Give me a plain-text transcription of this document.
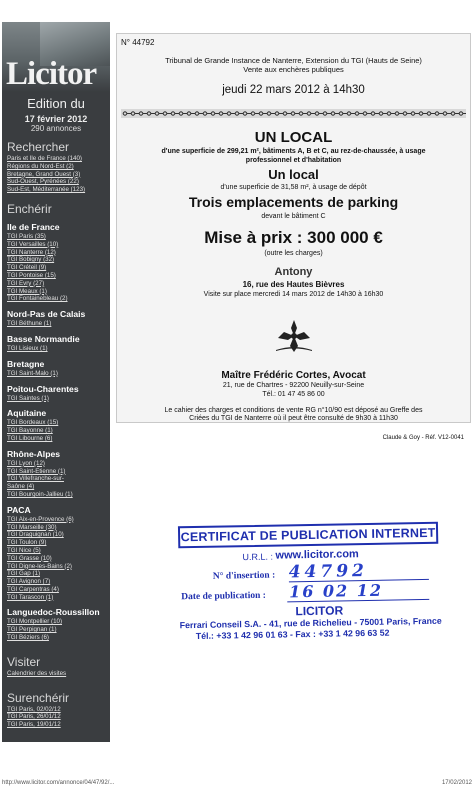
Licitor
Edition du
17 février 2012
290 annonces
Rechercher
Paris et Ile de France (140)
Régions du Nord-Est (2)
Bretagne, Grand Ouest (3)
Sud-Ouest, Pyrénées (22)
Sud-Est, Méditerranée (123)
Enchérir
Ile de France
TGI Paris (35)
TGI Versailles (10)
TGI Nanterre (12)
TGI Bobigny (32)
TGI Créteil (9)
TGI Pontoise (15)
TGI Evry (27)
TGI Meaux (1)
TGI Fontainebleau (2)
Nord-Pas de Calais
TGI Béthune (1)
Basse Normandie
TGI Lisieux (1)
Bretagne
TGI Saint-Malo (1)
Poitou-Charentes
TGI Saintes (1)
Aquitaine
TGI Bordeaux (15)
TGI Bayonne (1)
TGI Libourne (6)
Rhône-Alpes
TGI Lyon (12)
TGI Saint-Etienne (1)
TGI Villefranche-sur-
Saône (4)
TGI Bourgoin-Jallieu (1)
PACA
TGI Aix-en-Provence (6)
TGI Marseille (30)
TGI Draguignan (10)
TGI Toulon (9)
TGI Nice (5)
TGI Grasse (10)
TGI Digne-les-Bains (2)
TGI Gap (1)
TGI Avignon (7)
TGI Carpentras (4)
TGI Tarascon (1)
Languedoc-Roussillon
TGI Montpellier (10)
TGI Perpignan (1)
TGI Béziers (6)
Visiter
Calendrier des visites
Surenchérir
TGI Paris, 02/02/12
TGI Paris, 26/01/12
TGI Paris, 19/01/12
N° 44792
Tribunal de Grande Instance de Nanterre, Extension du TGI (Hauts de Seine)
Vente aux enchères publiques
jeudi 22 mars 2012 à 14h30
UN LOCAL
d'une superficie de 299,21 m², bâtiments A, B et C, au rez-de-chaussée, à usage
professionnel et d'habitation
Un local
d'une superficie de 31,58 m², à usage de dépôt
Trois emplacements de parking
devant le bâtiment C
Mise à prix : 300 000 €
(outre les charges)
Antony
16, rue des Hautes Bièvres
Visite sur place mercredi 14 mars 2012 de 14h30 à 16h30
Maître Frédéric Cortes, Avocat
21, rue de Chartres - 92200 Neuilly-sur-Seine
Tél.: 01 47 45 86 00
Le cahier des charges et conditions de vente RG n°10/90 est déposé au Greffe des
Criées du TGI de Nanterre où il peut être consulté de 9h30 à 11h30
Claude & Goy - Réf. V12-0041
CERTIFICAT DE PUBLICATION INTERNET
U.R.L. : www.licitor.com
N° d'insertion : 44792
Date de publication : 16 02 12
LICITOR
Ferrari Conseil S.A. - 41, rue de Richelieu - 75001 Paris, France
Tél.: +33 1 42 96 01 63 - Fax : +33 1 42 96 63 52
http://www.licitor.com/annonce/04/47/92/...	17/02/2012
